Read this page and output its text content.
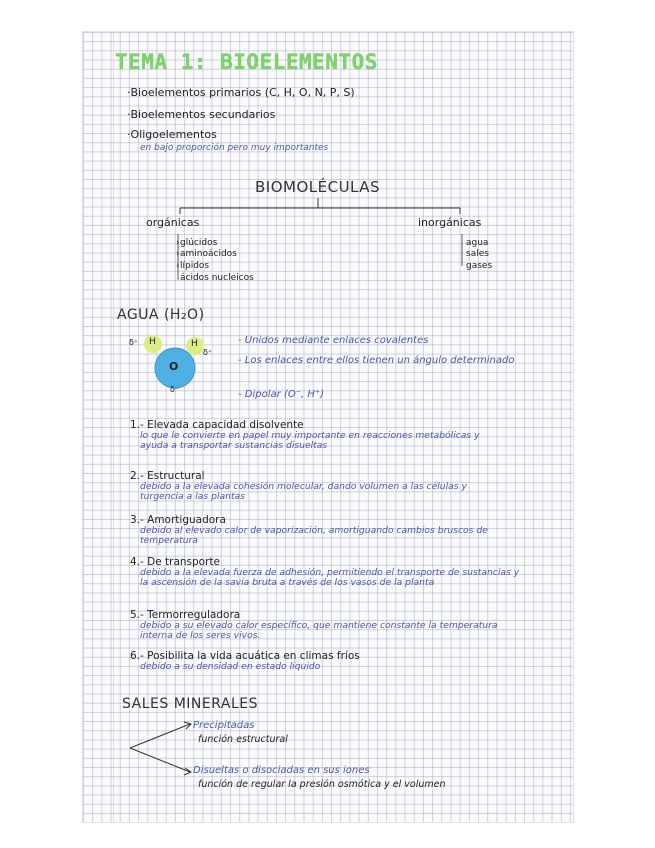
TEMA 1: BIOELEMENTOS
·Bioelementos primarios (C, H, O, N, P, S)
·Bioelementos secundarios
·Oligoelementos
en bajo proporción pero muy importantes
BIOMOLÉCULAS
orgánicas	inorgánicas
glúcidos
aminoácidos
lípidos
ácidos nucleicos
›
›
›
agua
sales
gases
AGUA (H₂O)
O
H	H
δ⁺
δ⁺
δ⁻
- Unidos mediante enlaces covalentes
- Los enlaces entre ellos tienen un ángulo determinado
- Dipolar (O⁻, H⁺)
1.- Elevada capacidad disolvente
lo que le convierte en papel muy importante en reacciones metabólicas y ayuda a transportar sustancias disueltas
2.- Estructural
debido a la elevada cohesión molecular, dando volumen a las células y turgencia a las plantas
3.- Amortiguadora
debido al elevado calor de vaporización, amortiguando cambios bruscos de temperatura
4.- De transporte
debido a la elevada fuerza de adhesión, permitiendo el transporte de sustancias y la ascensión de la savia bruta a través de los vasos de la planta
5.- Termorreguladora
debido a su elevado calor específico, que mantiene constante la temperatura interna de los seres vivos.
6.- Posibilita la vida acuática en climas fríos
debido a su densidad en estado líquido
SALES MINERALES
Precipitadas
función estructural
Disueltas o disociadas en sus iones
función de regular la presión osmótica y el volumen
